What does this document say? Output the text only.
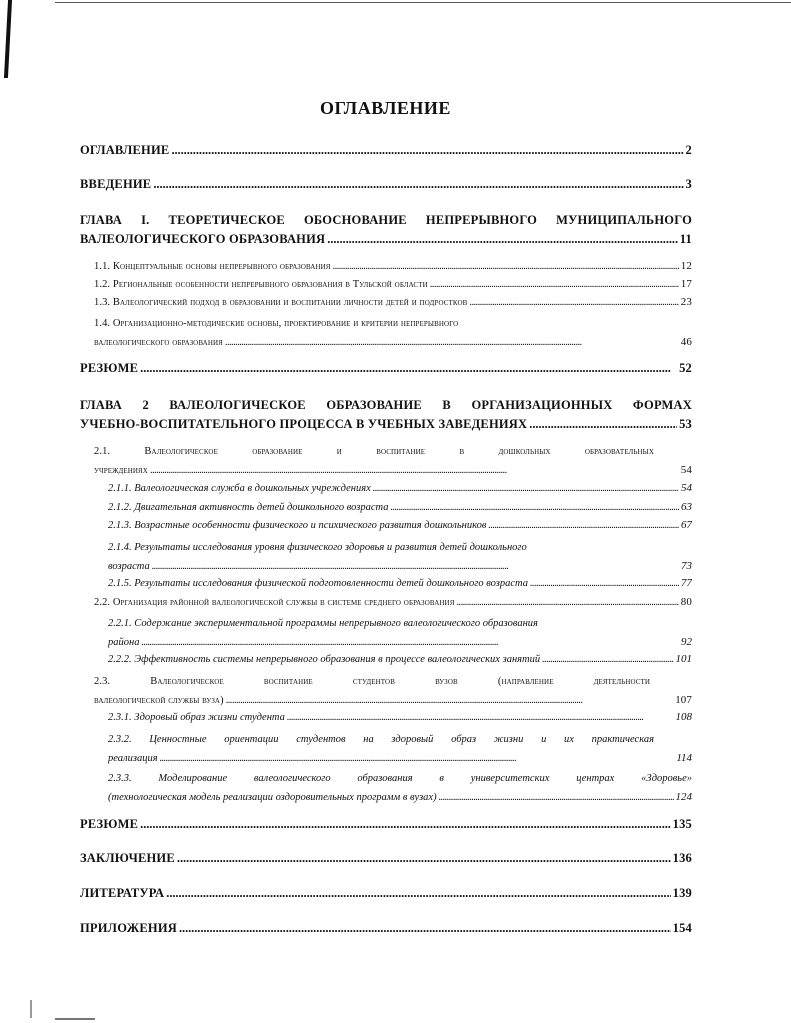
ОГЛАВЛЕНИЕ
ОГЛАВЛЕНИЕ . . .	2
ВВЕДЕНИЕ . . .	3
ГЛАВА I. ТЕОРЕТИЧЕСКОЕ ОБОСНОВАНИЕ НЕПРЕРЫВНОГО МУНИЦИПАЛЬНОГО
ВАЛЕОЛОГИЧЕСКОГО ОБРАЗОВАНИЯ . . .	11
1.1. Концептуальные основы непрерывного образования . . .	12
1.2. Региональные особенности непрерывного образования в Тульской области . . .	17
1.3. Валеологический подход в образовании и воспитании личности детей и подростков . . .	23
1.4. Организационно-методические основы, проектирование и критерии непрерывного
валеологического образования . . .	46
РЕЗЮМЕ . . .	52
ГЛАВА 2 ВАЛЕОЛОГИЧЕСКОЕ ОБРАЗОВАНИЕ В ОРГАНИЗАЦИОННЫХ ФОРМАХ
УЧЕБНО-ВОСПИТАТЕЛЬНОГО ПРОЦЕССА В УЧЕБНЫХ ЗАВЕДЕНИЯХ . . .	53
2.1. Валеологическое образование и воспитание в дошкольных образовательных
учреждениях . . .	54
2.1.1. Валеологическая служба в дошкольных учреждениях . . .	54
2.1.2. Двигательная активность детей дошкольного возраста . . .	63
2.1.3. Возрастные особенности физического и психического развития дошкольников . . .	67
2.1.4. Результаты исследования уровня физического здоровья и развития детей дошкольного
возраста . . .	73
2.1.5. Результаты исследования физической подготовленности детей дошкольного возраста . . .	77
2.2. Организация районной валеологической службы в системе среднего образования . . .	80
2.2.1. Содержание экспериментальной программы непрерывного валеологического образования
района . . .	92
2.2.2. Эффективность системы непрерывного образования в процессе валеологических занятий . . .	101
2.3. Валеологическое воспитание студентов вузов (направление деятельности
валеологической службы вуза) . . .	107
2.3.1. Здоровый образ жизни студента . . .	108
2.3.2. Ценностные ориентации студентов на здоровый образ жизни и их практическая
реализация . . .	114
2.3.3. Моделирование валеологического образования в университетских центрах «Здоровье»
(технологическая модель реализации оздоровительных программ в вузах) . . .	124
РЕЗЮМЕ . . .	135
ЗАКЛЮЧЕНИЕ . . .	136
ЛИТЕРАТУРА . . .	139
ПРИЛОЖЕНИЯ . . .	154
